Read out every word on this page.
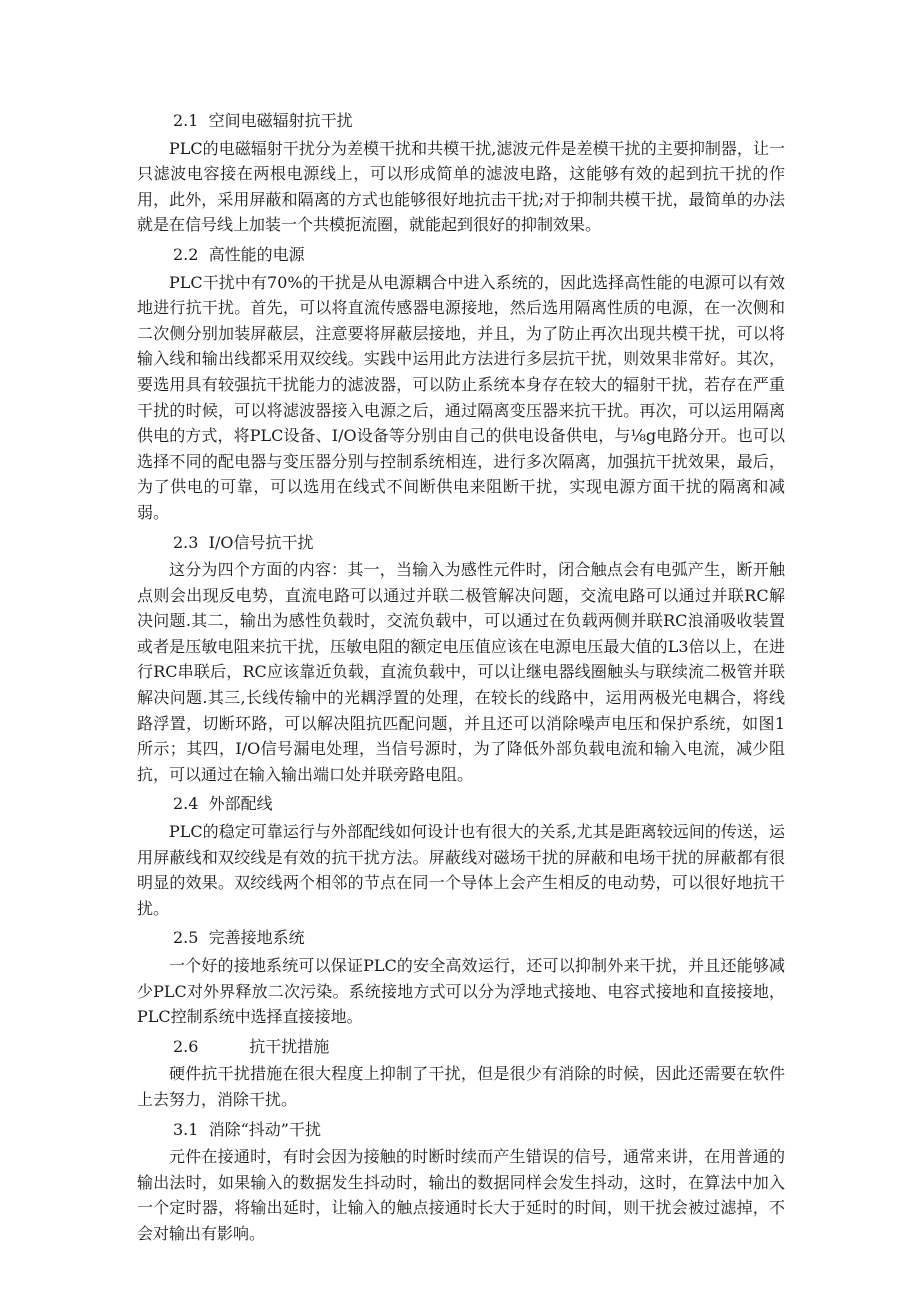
2.1  空间电磁辐射抗干扰

PLC的电磁辐射干扰分为差模干扰和共模干扰,滤波元件是差模干扰的主要抑制器，让一只滤波电容接在两根电源线上，可以形成简单的滤波电路，这能够有效的起到抗干扰的作用，此外，采用屏蔽和隔离的方式也能够很好地抗击干扰;对于抑制共模干扰，最简单的办法就是在信号线上加装一个共模扼流圈，就能起到很好的抑制效果。

2.2  高性能的电源

PLC干扰中有70%的干扰是从电源耦合中进入系统的，因此选择高性能的电源可以有效地进行抗干扰。首先，可以将直流传感器电源接地，然后选用隔离性质的电源，在一次侧和二次侧分别加装屏蔽层，注意要将屏蔽层接地，并且，为了防止再次出现共模干扰，可以将输入线和输出线都采用双绞线。实践中运用此方法进行多层抗干扰，则效果非常好。其次，要选用具有较强抗干扰能力的滤波器，可以防止系统本身存在较大的辐射干扰，若存在严重干扰的时候，可以将滤波器接入电源之后，通过隔离变压器来抗干扰。再次，可以运用隔离供电的方式，将PLC设备、I/O设备等分别由自己的供电设备供电，与⅛g电路分开。也可以选择不同的配电器与变压器分别与控制系统相连，进行多次隔离，加强抗干扰效果，最后，为了供电的可靠，可以选用在线式不间断供电来阻断干扰，实现电源方面干扰的隔离和减弱。

2.3  I/O信号抗干扰

这分为四个方面的内容：其一，当输入为感性元件时，闭合触点会有电弧产生，断开触点则会出现反电势，直流电路可以通过并联二极管解决问题，交流电路可以通过并联RC解决问题.其二，输出为感性负载时，交流负载中，可以通过在负载两侧并联RC浪涌吸收装置或者是压敏电阻来抗干扰，压敏电阻的额定电压值应该在电源电压最大值的L3倍以上，在进行RC串联后，RC应该靠近负载，直流负载中，可以让继电器线圈触头与联续流二极管并联解决问题.其三,长线传输中的光耦浮置的处理，在较长的线路中，运用两极光电耦合，将线路浮置，切断环路，可以解决阻抗匹配问题，并且还可以消除噪声电压和保护系统，如图1所示；其四，I/O信号漏电处理，当信号源时，为了降低外部负载电流和输入电流，减少阻抗，可以通过在输入输出端口处并联旁路电阻。

2.4  外部配线

PLC的稳定可靠运行与外部配线如何设计也有很大的关系,尤其是距离较远间的传送，运用屏蔽线和双绞线是有效的抗干扰方法。屏蔽线对磁场干扰的屏蔽和电场干扰的屏蔽都有很明显的效果。双绞线两个相邻的节点在同一个导体上会产生相反的电动势，可以很好地抗干扰。

2.5  完善接地系统

一个好的接地系统可以保证PLC的安全高效运行，还可以抑制外来干扰，并且还能够减少PLC对外界释放二次污染。系统接地方式可以分为浮地式接地、电容式接地和直接接地，PLC控制系统中选择直接接地。

2.6          抗干扰措施

硬件抗干扰措施在很大程度上抑制了干扰，但是很少有消除的时候，因此还需要在软件上去努力，消除干扰。

3.1  消除“抖动”干扰

元件在接通时，有时会因为接触的时断时续而产生错误的信号，通常来讲，在用普通的输出法时，如果输入的数据发生抖动时，输出的数据同样会发生抖动，这时，在算法中加入一个定时器，将输出延时，让输入的触点接通时长大于延时的时间，则干扰会被过滤掉，不会对输出有影响。
